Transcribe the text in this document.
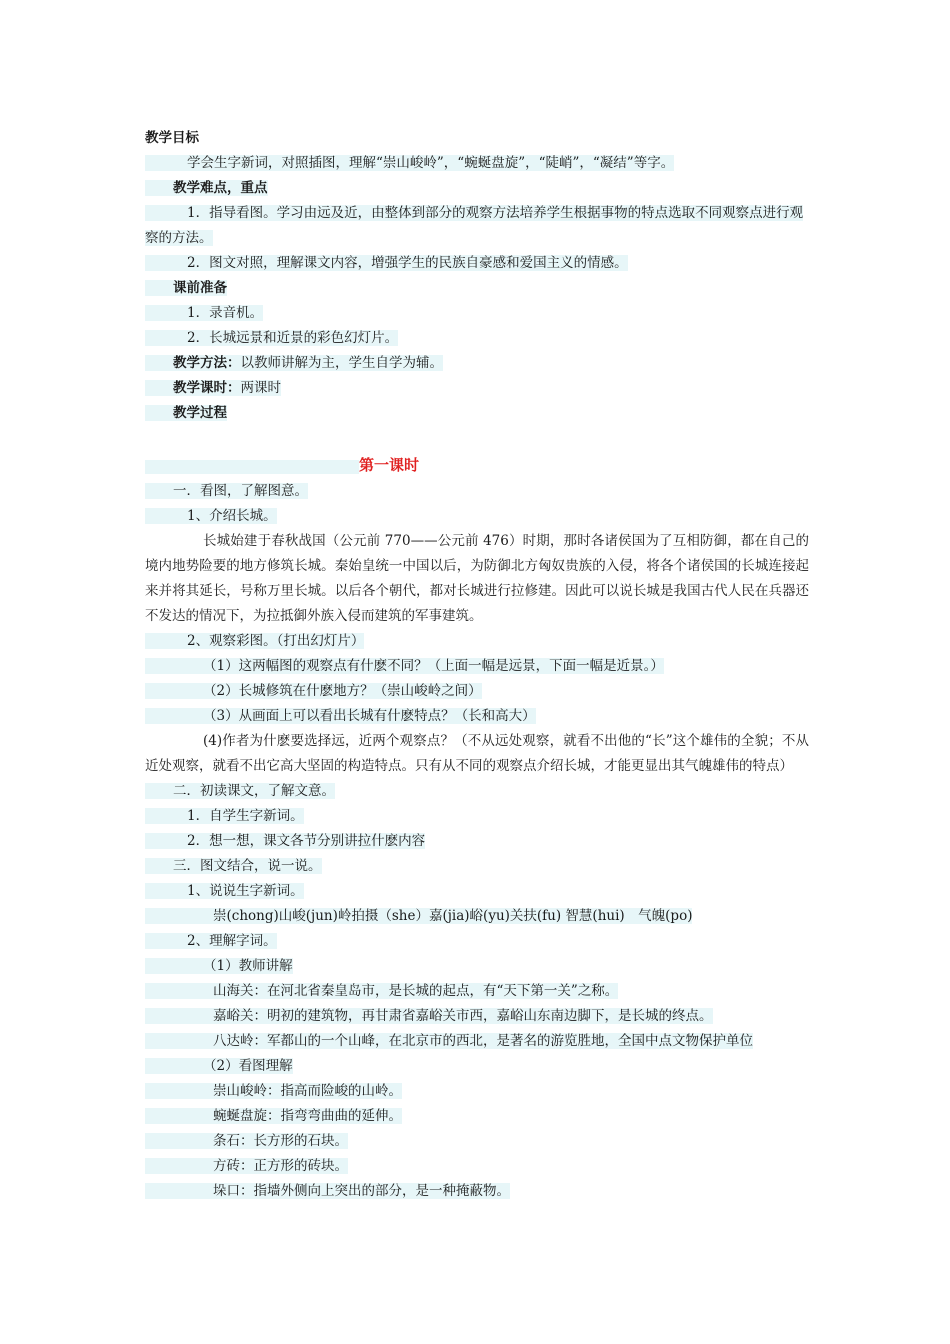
教学目标
学会生字新词，对照插图，理解“崇山峻岭”，“蜿蜒盘旋”，“陡峭”，“凝结”等字。
教学难点，重点
1．指导看图。学习由远及近，由整体到部分的观察方法培养学生根据事物的特点选取不同观察点进行观察的方法。
2．图文对照，理解课文内容，增强学生的民族自豪感和爱国主义的情感。
课前准备
1．录音机。
2．长城远景和近景的彩色幻灯片。
教学方法：以教师讲解为主，学生自学为辅。
教学课时：两课时
教学过程
第一课时
一．看图，了解图意。
1、介绍长城。
长城始建于春秋战国（公元前 770——公元前 476）时期，那时各诸侯国为了互相防御，都在自己的境内地势险要的地方修筑长城。秦始皇统一中国以后，为防御北方匈奴贵族的入侵，将各个诸侯国的长城连接起来并将其延长，号称万里长城。以后各个朝代，都对长城进行拉修建。因此可以说长城是我国古代人民在兵器还不发达的情况下，为拉抵御外族入侵而建筑的军事建筑。
2、观察彩图。（打出幻灯片）
（1）这两幅图的观察点有什麽不同？（上面一幅是远景，下面一幅是近景。）
（2）长城修筑在什麽地方？（崇山峻岭之间）
（3）从画面上可以看出长城有什麽特点？（长和高大）
(4)作者为什麽要选择远，近两个观察点？（不从远处观察，就看不出他的“长”这个雄伟的全貌；不从近处观察，就看不出它高大坚固的构造特点。只有从不同的观察点介绍长城，才能更显出其气魄雄伟的特点）
二．初读课文，了解文意。
1．自学生字新词。
2．想一想，课文各节分别讲拉什麽内容
三．图文结合，说一说。
1、说说生字新词。
崇(chong)山峻(jun)岭拍摄（she）嘉(jia)峪(yu)关扶(fu) 智慧(hui)　气魄(po)
2、理解字词。
（1）教师讲解
山海关：在河北省秦皇岛市，是长城的起点，有“天下第一关”之称。
嘉峪关：明初的建筑物，再甘肃省嘉峪关市西，嘉峪山东南边脚下，是长城的终点。
八达岭：军都山的一个山峰，在北京市的西北，是著名的游览胜地，全国中点文物保护单位
（2）看图理解
崇山峻岭：指高而险峻的山岭。
蜿蜒盘旋：指弯弯曲曲的延伸。
条石：长方形的石块。
方砖：正方形的砖块。
垛口：指墙外侧向上突出的部分，是一种掩蔽物。
